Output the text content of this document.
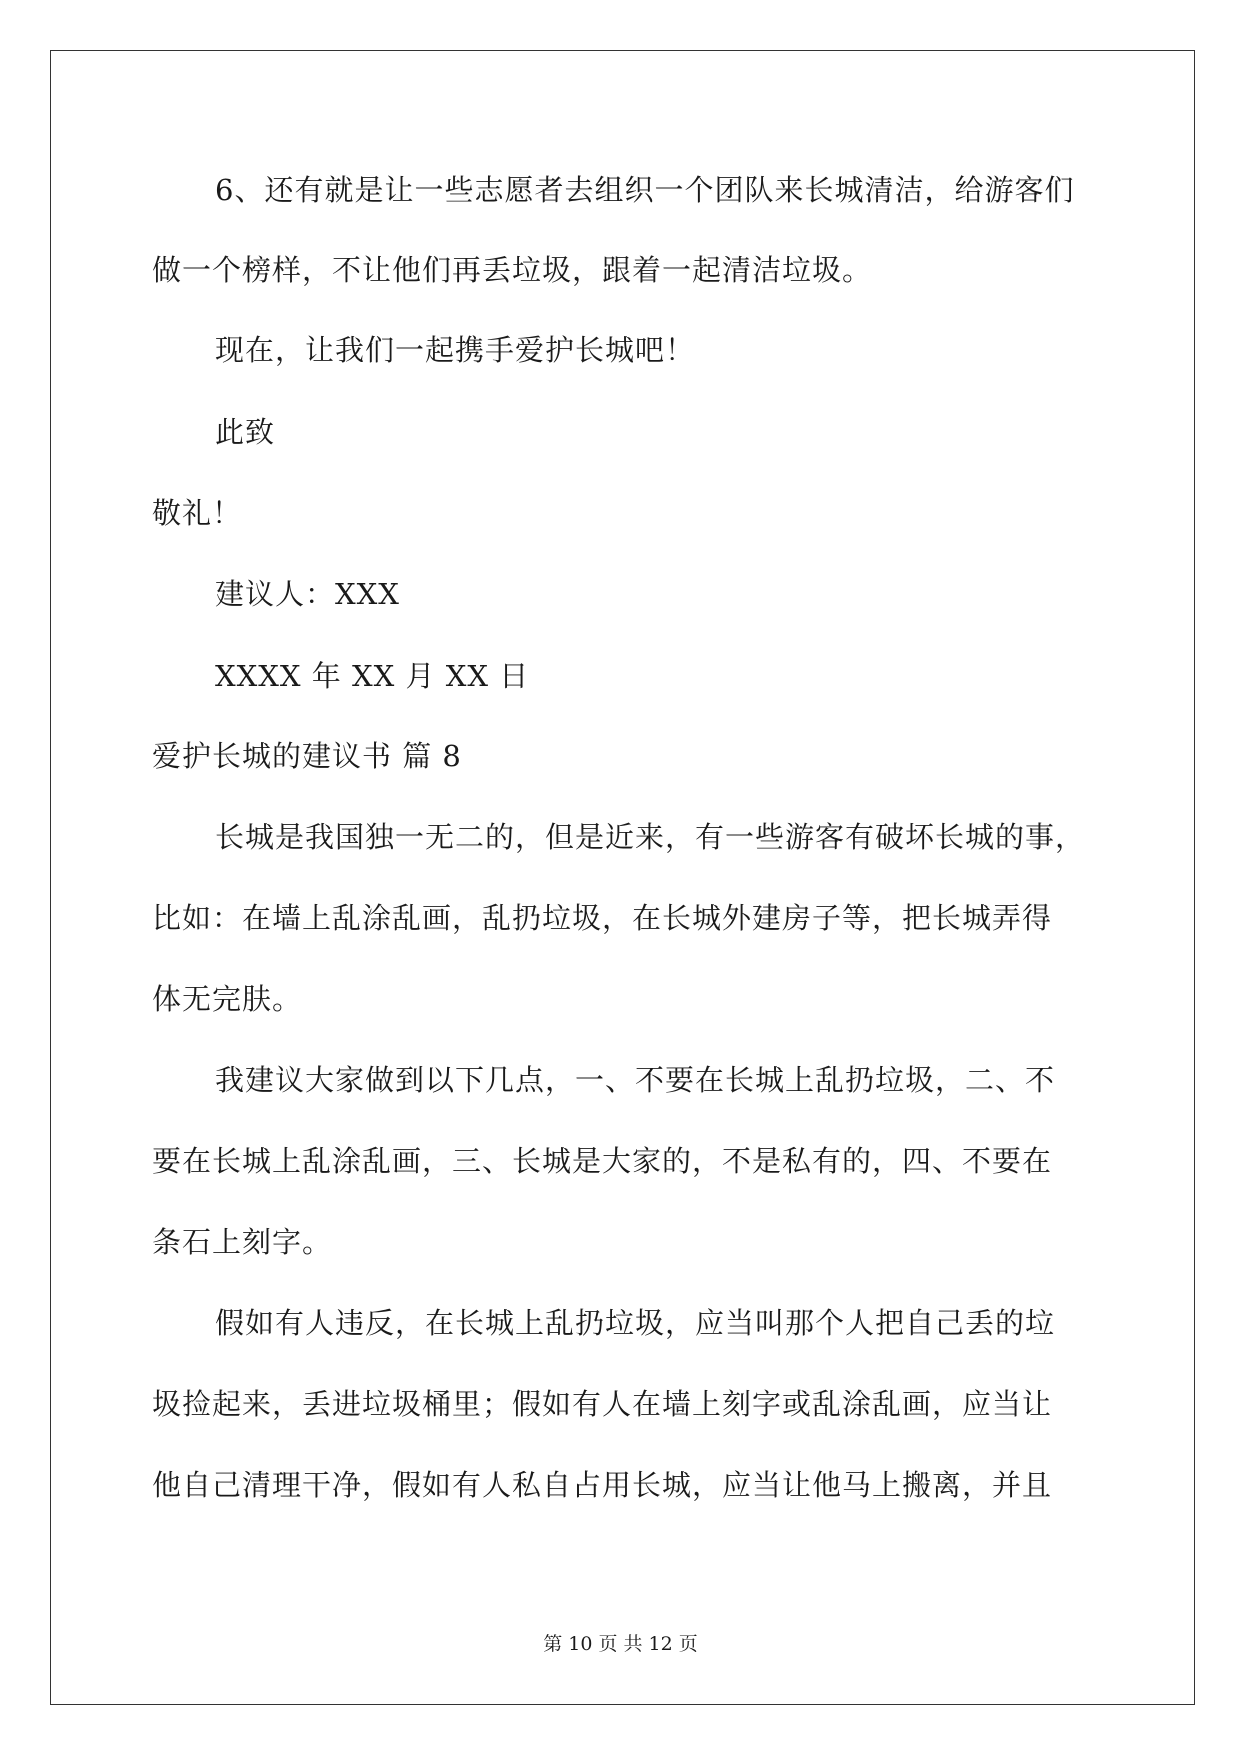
6、还有就是让一些志愿者去组织一个团队来长城清洁，给游客们
做一个榜样，不让他们再丢垃圾，跟着一起清洁垃圾。
现在，让我们一起携手爱护长城吧！
此致
敬礼！
建议人：XXX
XXXX 年 XX 月 XX 日
爱护长城的建议书 篇 8
长城是我国独一无二的，但是近来，有一些游客有破坏长城的事，
比如：在墙上乱涂乱画，乱扔垃圾，在长城外建房子等，把长城弄得
体无完肤。
我建议大家做到以下几点，一、不要在长城上乱扔垃圾，二、不
要在长城上乱涂乱画，三、长城是大家的，不是私有的，四、不要在
条石上刻字。
假如有人违反，在长城上乱扔垃圾，应当叫那个人把自己丢的垃
圾捡起来，丢进垃圾桶里；假如有人在墙上刻字或乱涂乱画，应当让
他自己清理干净，假如有人私自占用长城，应当让他马上搬离，并且
第 10 页 共 12 页
